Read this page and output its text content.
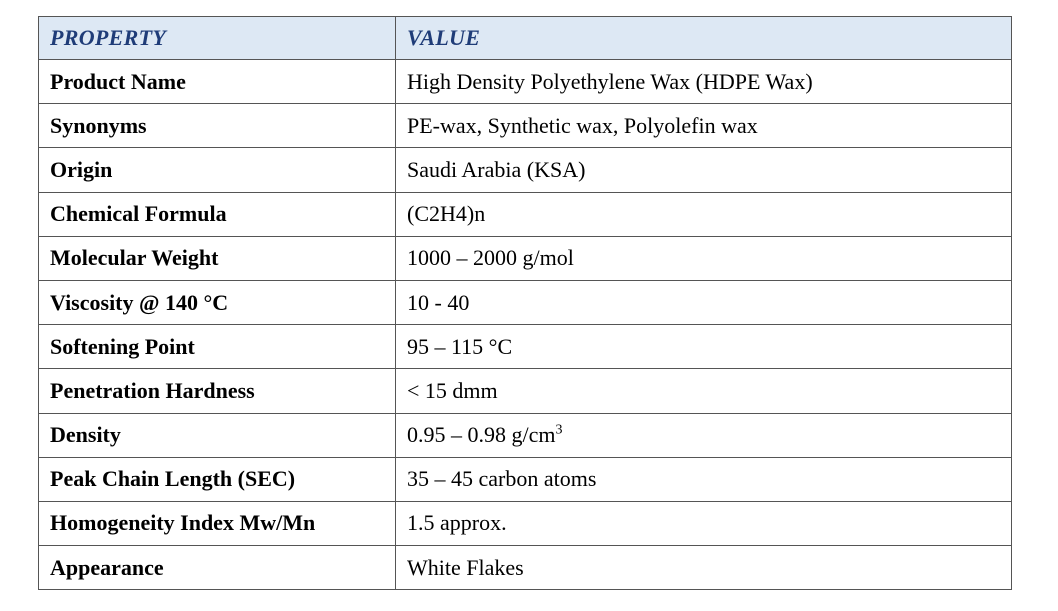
PROPERTY	VALUE
Product Name	High Density Polyethylene Wax (HDPE Wax)
Synonyms	PE-wax, Synthetic wax, Polyolefin wax
Origin	Saudi Arabia (KSA)
Chemical Formula	(C2H4)n
Molecular Weight	1000 – 2000 g/mol
Viscosity @ 140 °C	10 - 40
Softening Point	95 – 115 °C
Penetration Hardness	< 15 dmm
Density	0.95 – 0.98 $g/cm^3$
Peak Chain Length (SEC)	35 – 45 carbon atoms
Homogeneity Index Mw/Mn	1.5 approx.
Appearance	White Flakes
